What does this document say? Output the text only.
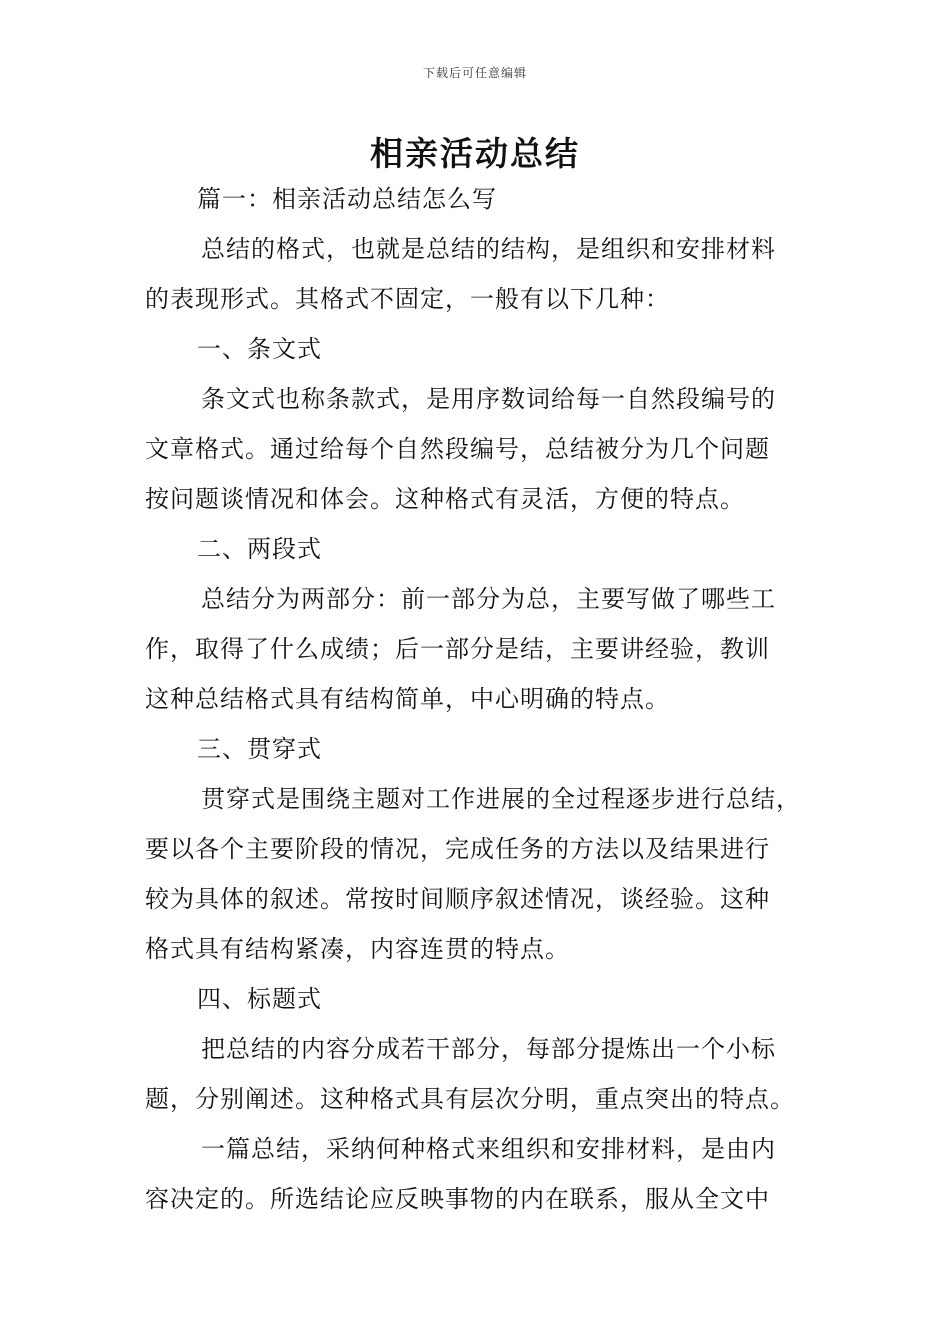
下载后可任意编辑
相亲活动总结
篇一：相亲活动总结怎么写
总结的格式，也就是总结的结构，是组织和安排材料
的表现形式。其格式不固定，一般有以下几种：
一、条文式
条文式也称条款式，是用序数词给每一自然段编号的
文章格式。通过给每个自然段编号，总结被分为几个问题
按问题谈情况和体会。这种格式有灵活，方便的特点。
二、两段式
总结分为两部分：前一部分为总，主要写做了哪些工
作，取得了什么成绩；后一部分是结，主要讲经验，教训
这种总结格式具有结构简单，中心明确的特点。
三、贯穿式
贯穿式是围绕主题对工作进展的全过程逐步进行总结，
要以各个主要阶段的情况，完成任务的方法以及结果进行
较为具体的叙述。常按时间顺序叙述情况，谈经验。这种
格式具有结构紧凑，内容连贯的特点。
四、标题式
把总结的内容分成若干部分，每部分提炼出一个小标
题，分别阐述。这种格式具有层次分明，重点突出的特点。
一篇总结，采纳何种格式来组织和安排材料，是由内
容决定的。所选结论应反映事物的内在联系，服从全文中
